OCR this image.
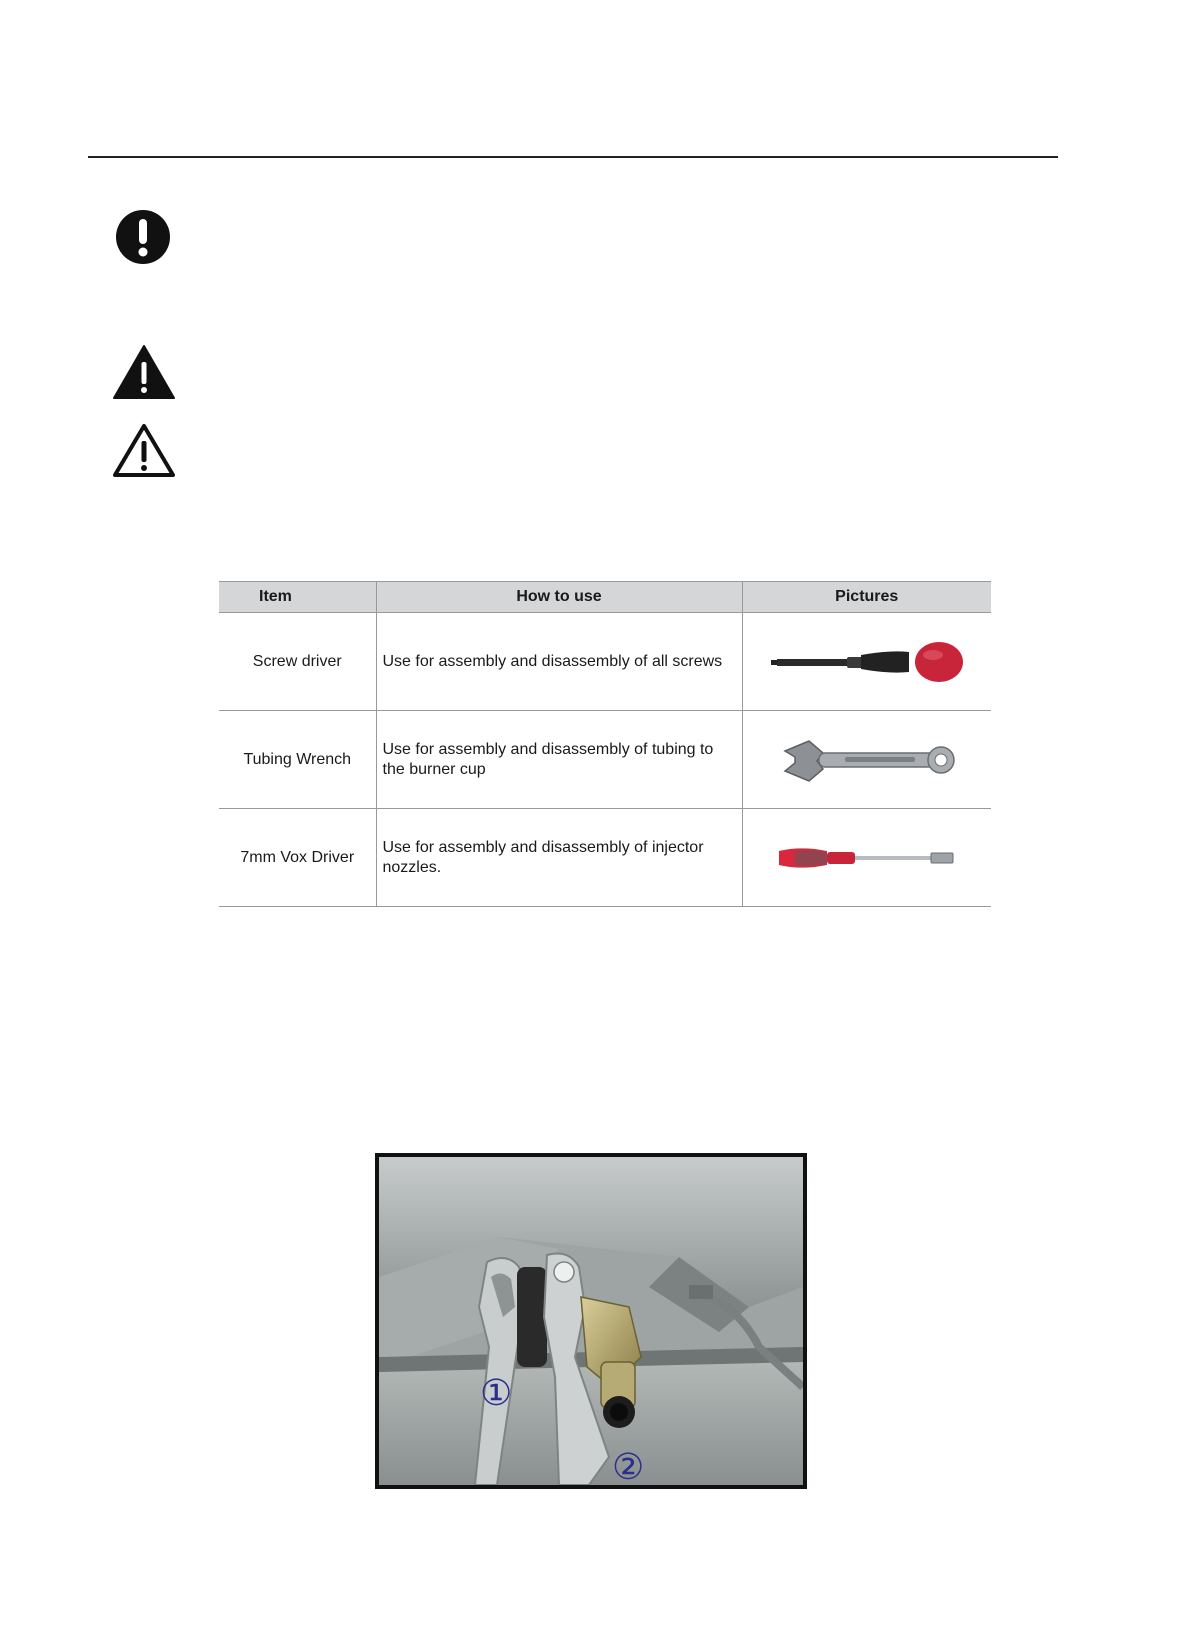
Item	How to use	Pictures
Screw driver	Use for assembly and disassembly of all screws	

Tubing Wrench	Use for assembly and disassembly of tubing to the burner cup	

7mm Vox Driver	Use for assembly and disassembly of injector nozzles.	
①
②
